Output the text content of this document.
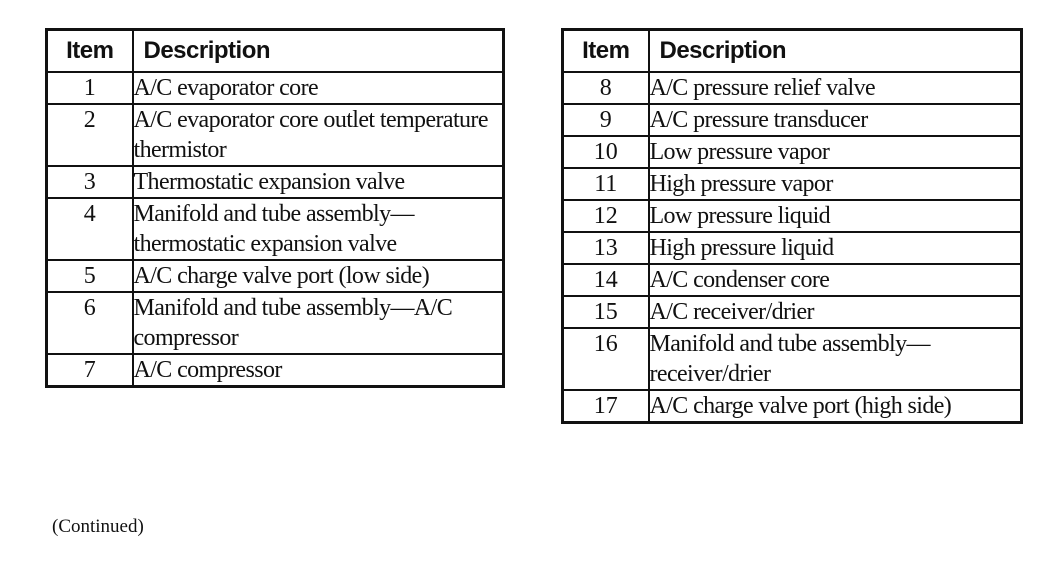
Item	Description
1	A/C evaporator core
2	A/C evaporator core outlet temperature thermistor
3	Thermostatic expansion valve
4	Manifold and tube assembly—thermostatic expansion valve
5	A/C charge valve port (low side)
6	Manifold and tube assembly—A/C compressor
7	A/C compressor
(Continued)
Item	Description
8	A/C pressure relief valve
9	A/C pressure transducer
10	Low pressure vapor
11	High pressure vapor
12	Low pressure liquid
13	High pressure liquid
14	A/C condenser core
15	A/C receiver/drier
16	Manifold and tube assembly—receiver/drier
17	A/C charge valve port (high side)
